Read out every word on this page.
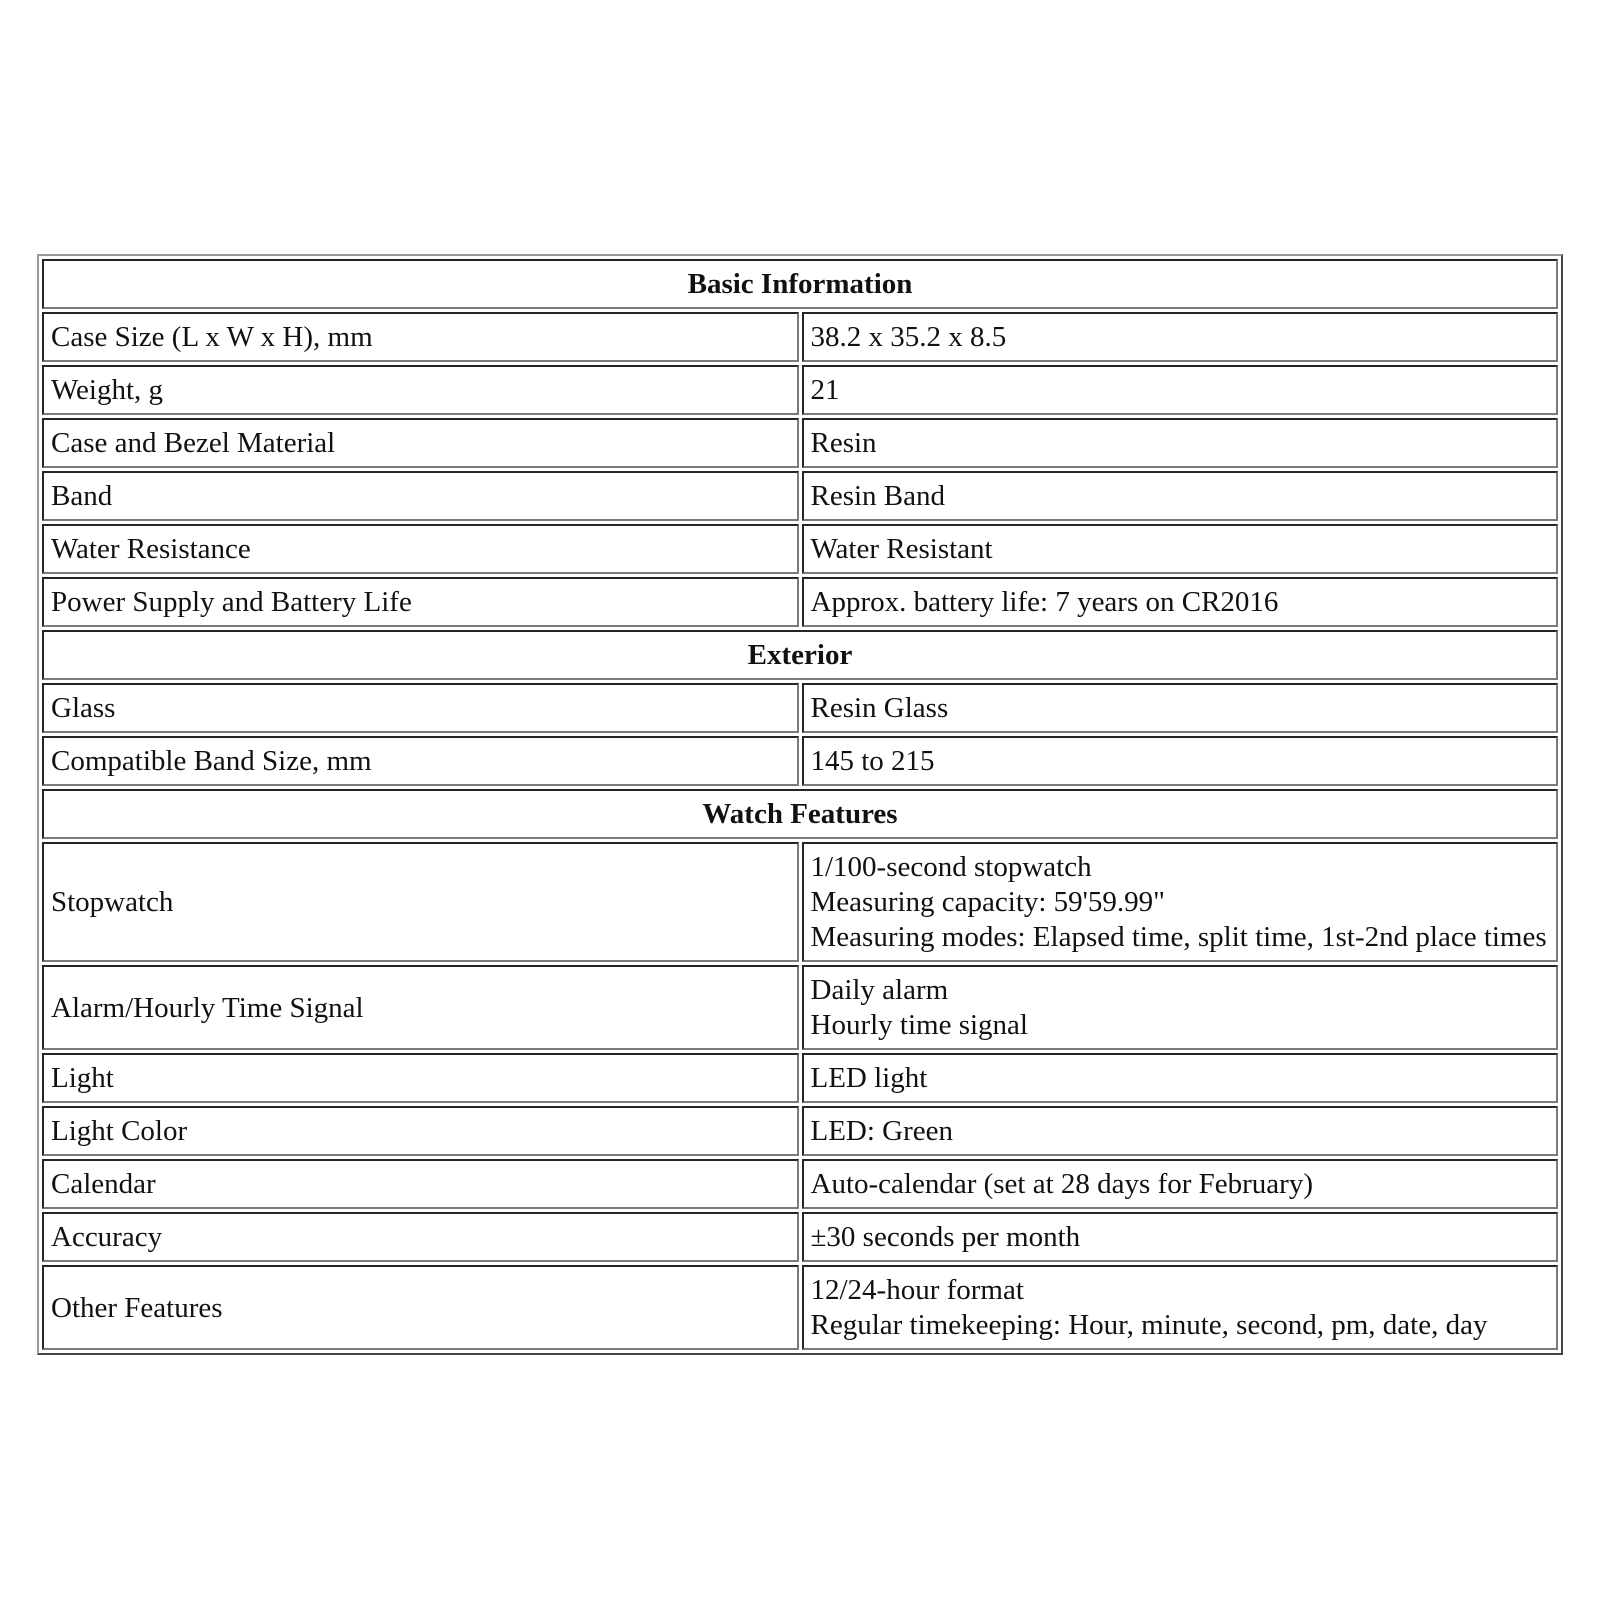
Basic Information	
Case Size (L x W x H), mm	38.2 x 35.2 x 8.5

Weight, g	21

Case and Bezel Material	Resin

Band	Resin Band

Water Resistance	Water Resistant

Power Supply and Battery Life	Approx. battery life: 7 years on CR2016

Exterior	
Glass	Resin Glass

Compatible Band Size, mm	145 to 215

Watch Features	
Stopwatch	1/100-second stopwatch
Measuring capacity: 59'59.99"
Measuring modes: Elapsed time, split time, 1st-2nd place times

Alarm/Hourly Time Signal	Daily alarm
Hourly time signal

Light	LED light

Light Color	LED: Green

Calendar	Auto-calendar (set at 28 days for February)

Accuracy	±30 seconds per month

Other Features	12/24-hour format
Regular timekeeping: Hour, minute, second, pm, date, day
